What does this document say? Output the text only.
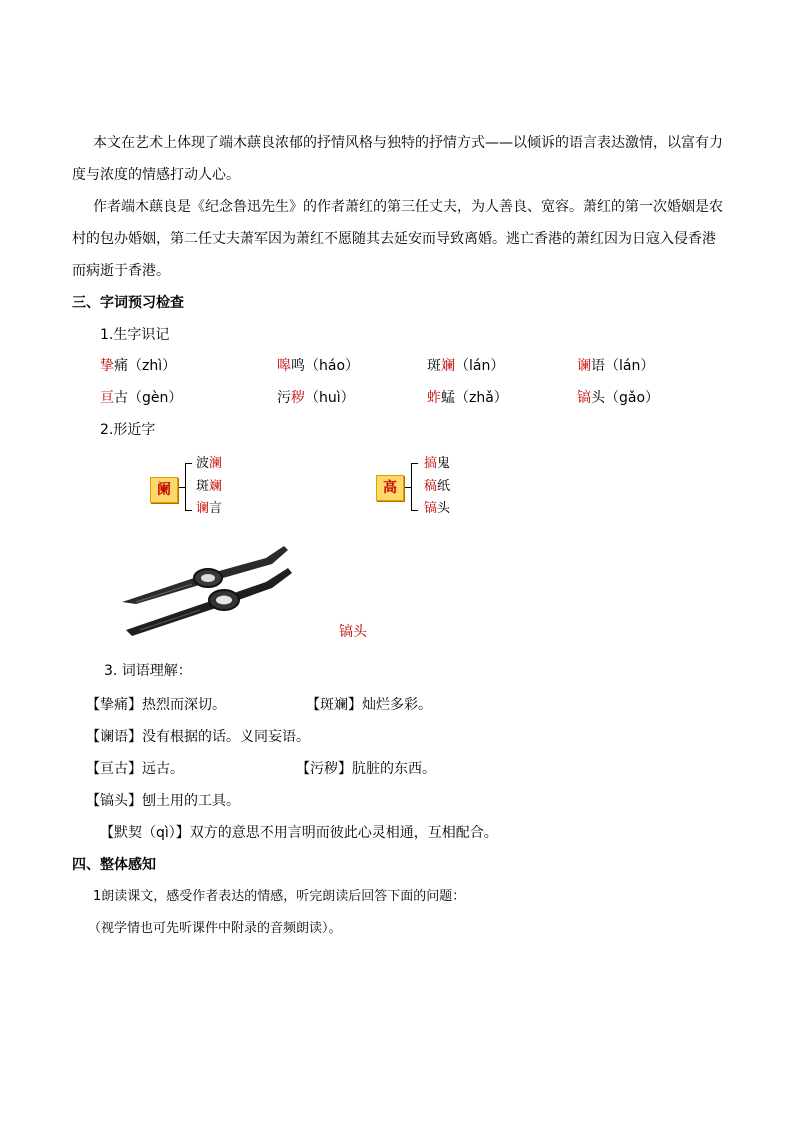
本文在艺术上体现了端木蕻良浓郁的抒情风格与独特的抒情方式——以倾诉的语言表达激情，以富有力
度与浓度的情感打动人心。
作者端木蕻良是《纪念鲁迅先生》的作者萧红的第三任丈夫，为人善良、宽容。萧红的第一次婚姻是农
村的包办婚姻，第二任丈夫萧军因为萧红不愿随其去延安而导致离婚。逃亡香港的萧红因为日寇入侵香港
而病逝于香港。
三、字词预习检查
1.生字识记
挚痛（zhì）	嗥鸣（háo）	斑斓（lán）	谰语（lán）
亘古（gèn）	污秽（huì）	蚱蜢（zhǎ）	镐头（gǎo）
2.形近字
阑
波澜
斑斓
谰言
高
搞鬼
稿纸
镐头
镐头
3. 词语理解：
【挚痛】热烈而深切。	【斑斓】灿烂多彩。
【谰语】没有根据的话。义同妄语。
【亘古】远古。	【污秽】肮脏的东西。
【镐头】刨土用的工具。
【默契（qì）】双方的意思不用言明而彼此心灵相通，互相配合。
四、整体感知
1朗读课文，感受作者表达的情感，听完朗读后回答下面的问题：
（视学情也可先听课件中附录的音频朗读）。
